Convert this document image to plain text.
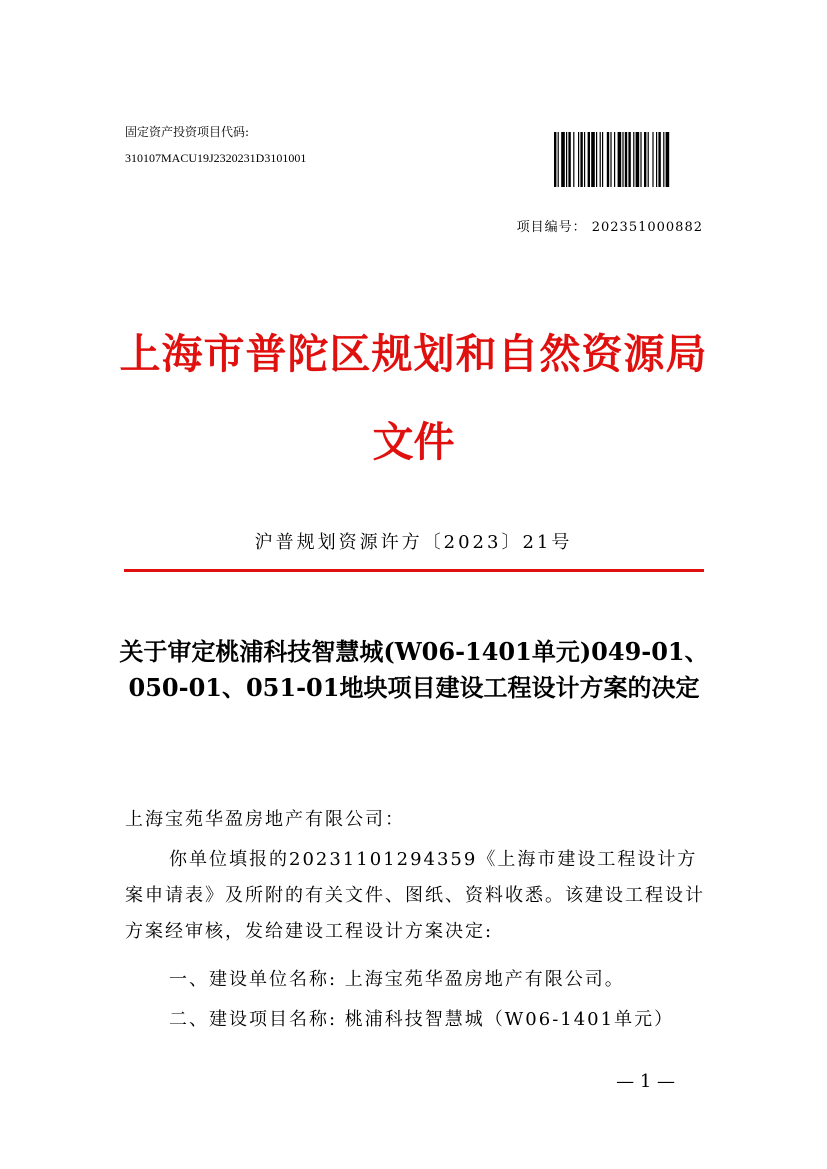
固定资产投资项目代码:
310107MACU19J2320231D3101001
项目编号： 202351000882
上海市普陀区规划和自然资源局
文件
沪普规划资源许方〔2023〕21号
关于审定桃浦科技智慧城(W06-1401单元)049-01、050-01、051-01地块项目建设工程设计方案的决定
上海宝苑华盈房地产有限公司：
你单位填报的20231101294359《上海市建设工程设计方案申请表》及所附的有关文件、图纸、资料收悉。该建设工程设计方案经审核，发给建设工程设计方案决定:
一、建设单位名称: 上海宝苑华盈房地产有限公司。
二、建设项目名称: 桃浦科技智慧城（W06-1401单元）
— 1 —
